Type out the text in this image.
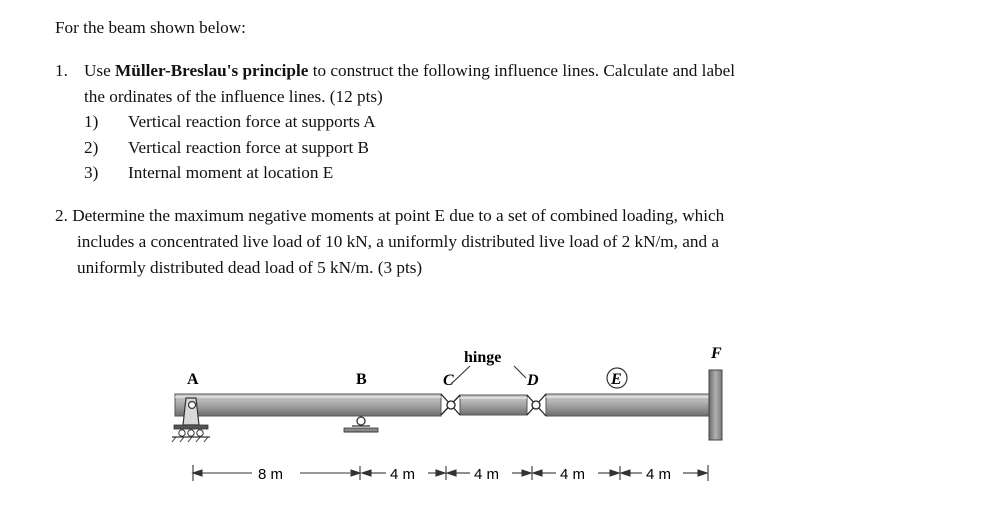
For the beam shown below:
1. Use Müller-Breslau's principle to construct the following influence lines. Calculate and label
the ordinates of the influence lines. (12 pts)
1) Vertical reaction force at supports A
2) Vertical reaction force at support B
3) Internal moment at location E
2. Determine the maximum negative moments at point E due to a set of combined loading, which
includes a concentrated live load of 10 kN, a uniformly distributed live load of 2 kN/m, and a
uniformly distributed dead load of 5 kN/m. (3 pts)
A	B	C	D
F
hinge
E
8 m	4 m	4 m	4 m	4 m
